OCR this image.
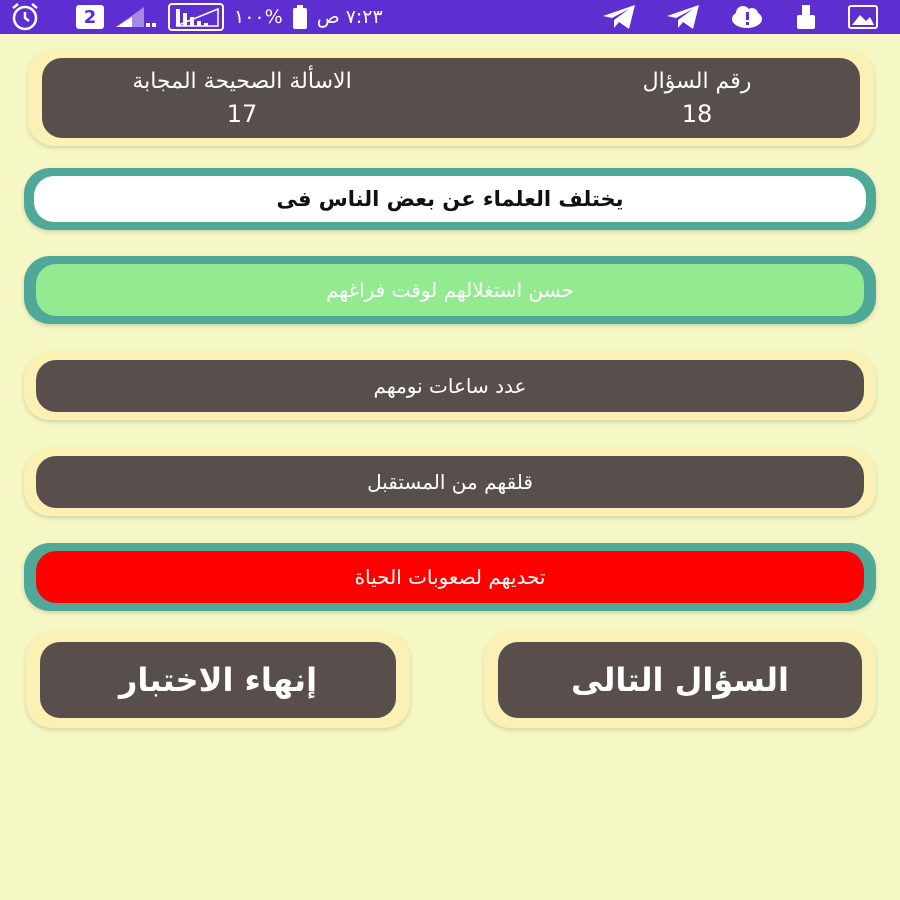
٧:٢٣ ص
%١٠٠
2
رقم السؤال
18
الاسألة الصحيحة المجابة
17
يختلف العلماء عن بعض الناس فى
حسن استغلالهم لوقت فراغهم
عدد ساعات نومهم
قلقهم من المستقبل
تحديهم لصعوبات الحياة
إنهاء الاختبار	السؤال التالى
